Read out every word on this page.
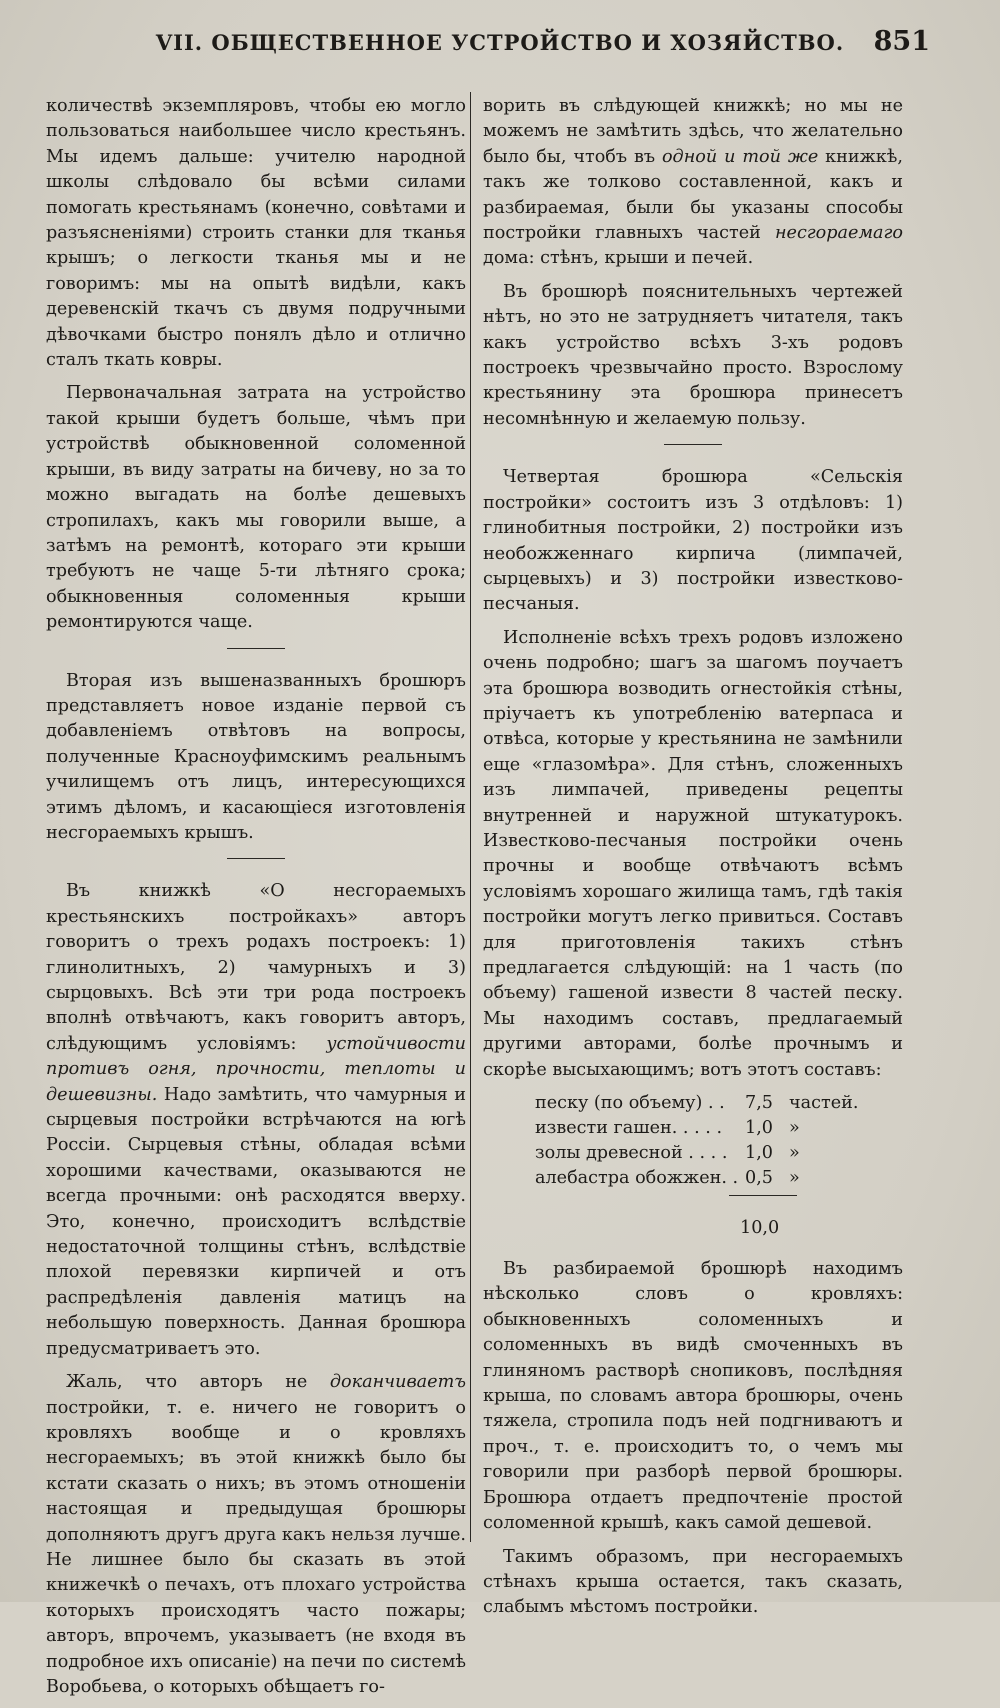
VII. ОБЩЕСТВЕННОЕ УСТРОЙСТВО И ХОЗЯЙСТВО.	851

количествѣ экземпляровъ, чтобы ею могло пользоваться наибольшее число крестьянъ. Мы идемъ дальше: учителю народной школы слѣдовало бы всѣми силами помогать крестьянамъ (конечно, совѣтами и разъясненіями) строить станки для тканья крышъ; о легкости тканья мы и не говоримъ: мы на опытѣ видѣли, какъ деревенскій ткачъ съ двумя подручными дѣвочками быстро понялъ дѣло и отлично сталъ ткать ковры.

Первоначальная затрата на устройство такой крыши будетъ больше, чѣмъ при устройствѣ обыкновенной соломенной крыши, въ виду затраты на бичеву, но за то можно выгадать на болѣе дешевыхъ стропилахъ, какъ мы говорили выше, а затѣмъ на ремонтѣ, котораго эти крыши требуютъ не чаще 5-ти лѣтняго срока; обыкновенныя соломенныя крыши ремонтируются чаще.

Вторая изъ вышеназванныхъ брошюръ представляетъ новое изданіе первой съ добавленіемъ отвѣтовъ на вопросы, полученные Красноуфимскимъ реальнымъ училищемъ отъ лицъ, интересующихся этимъ дѣломъ, и касающіеся изготовленія несгораемыхъ крышъ.

Въ книжкѣ «О несгораемыхъ крестьянскихъ постройкахъ» авторъ говоритъ о трехъ родахъ построекъ: 1) глинолитныхъ, 2) чамурныхъ и 3) сырцовыхъ. Всѣ эти три рода построекъ вполнѣ отвѣчаютъ, какъ говоритъ авторъ, слѣдующимъ условіямъ: устойчивости противъ огня, прочности, теплоты и дешевизны. Надо замѣтить, что чамурныя и сырцевыя постройки встрѣчаются на югѣ Россіи. Сырцевыя стѣны, обладая всѣми хорошими качествами, оказываются не всегда прочными: онѣ расходятся вверху. Это, конечно, происходитъ вслѣдствіе недостаточной толщины стѣнъ, вслѣдствіе плохой перевязки кирпичей и отъ распредѣленія давленія матицъ на небольшую поверхность. Данная брошюра предусматриваетъ это.

Жаль, что авторъ не доканчиваетъ постройки, т. е. ничего не говоритъ о кровляхъ вообще и о кровляхъ несгораемыхъ; въ этой книжкѣ было бы кстати сказать о нихъ; въ этомъ отношеніи настоящая и предыдущая брошюры дополняютъ другъ друга какъ нельзя лучше. Не лишнее было бы сказать въ этой книжечкѣ о печахъ, отъ плохаго устройства которыхъ происходятъ часто пожары; авторъ, впрочемъ, указываетъ (не входя въ подробное ихъ описаніе) на печи по системѣ Воробьева, о которыхъ обѣщаетъ го-

ворить въ слѣдующей книжкѣ; но мы не можемъ не замѣтить здѣсь, что желательно было бы, чтобъ въ одной и той же книжкѣ, такъ же толково составленной, какъ и разбираемая, были бы указаны способы постройки главныхъ частей несгораемаго дома: стѣнъ, крыши и печей.

Въ брошюрѣ пояснительныхъ чертежей нѣтъ, но это не затрудняетъ читателя, такъ какъ устройство всѣхъ 3-хъ родовъ построекъ чрезвычайно просто. Взрослому крестьянину эта брошюра принесетъ несомнѣнную и желаемую пользу.

Четвертая брошюра «Сельскія постройки» состоитъ изъ 3 отдѣловъ: 1) глинобитныя постройки, 2) постройки изъ необожженнаго кирпича (лимпачей, сырцевыхъ) и 3) постройки известково-песчаныя.

Исполненіе всѣхъ трехъ родовъ изложено очень подробно; шагъ за шагомъ поучаетъ эта брошюра возводить огнестойкія стѣны, пріучаетъ къ употребленію ватерпаса и отвѣса, которые у крестьянина не замѣнили еще «глазомѣра». Для стѣнъ, сложенныхъ изъ лимпачей, приведены рецепты внутренней и наружной штукатурокъ. Известково-песчаныя постройки очень прочны и вообще отвѣчаютъ всѣмъ условіямъ хорошаго жилища тамъ, гдѣ такія постройки могутъ легко привиться. Составъ для приготовленія такихъ стѣнъ предлагается слѣдующій: на 1 часть (по объему) гашеной извести 8 частей песку. Мы находимъ составъ, предлагаемый другими авторами, болѣе прочнымъ и скорѣе высыхающимъ; вотъ этотъ составъ:

песку (по объему) . . 7,5 частей.
извести гашен. . . . . 1,0 »
золы древесной . . . . 1,0 »
алебастра обожжен. . 0,5 »
10,0

Въ разбираемой брошюрѣ находимъ нѣсколько словъ о кровляхъ: обыкновенныхъ соломенныхъ и соломенныхъ въ видѣ смоченныхъ въ глиняномъ растворѣ снопиковъ, послѣдняя крыша, по словамъ автора брошюры, очень тяжела, стропила подъ ней подгниваютъ и проч., т. е. происходитъ то, о чемъ мы говорили при разборѣ первой брошюры. Брошюра отдаетъ предпочтеніе простой соломенной крышѣ, какъ самой дешевой.

Такимъ образомъ, при несгораемыхъ стѣнахъ крыша остается, такъ сказать, слабымъ мѣстомъ постройки.
